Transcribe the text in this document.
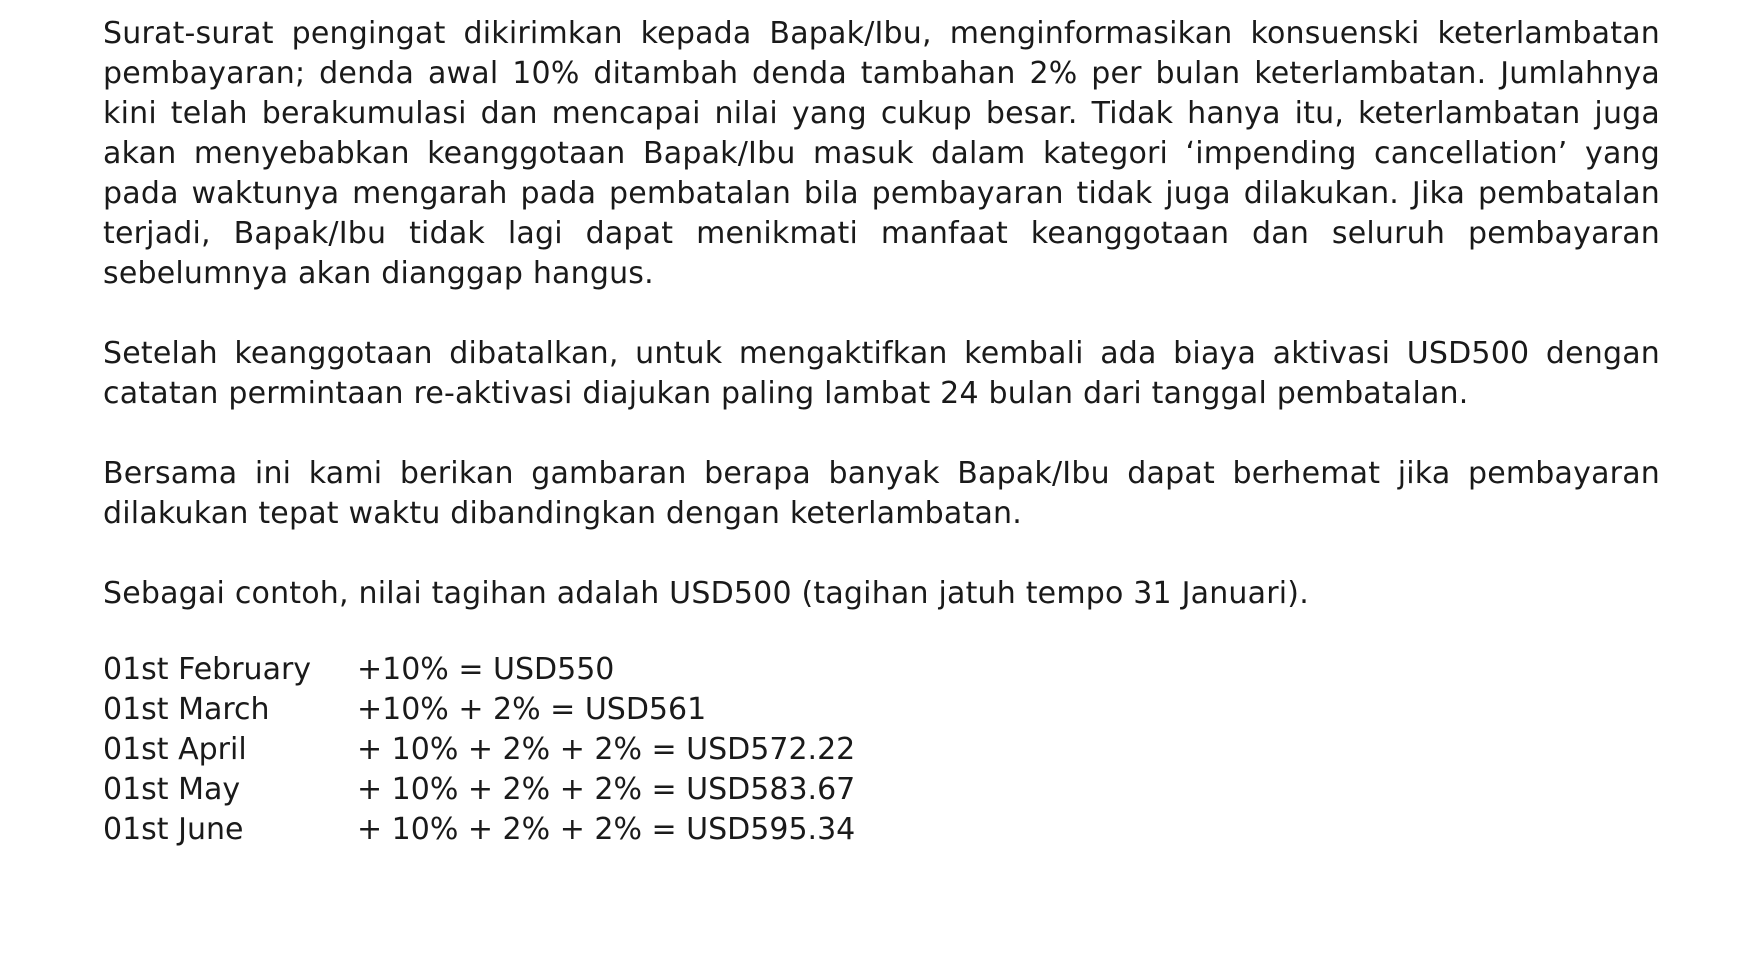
Surat-surat pengingat dikirimkan kepada Bapak/Ibu, menginformasikan konsuenski keterlambatan pembayaran; denda awal 10% ditambah denda tambahan 2% per bulan keterlambatan. Jumlahnya kini telah berakumulasi dan mencapai nilai yang cukup besar. Tidak hanya itu, keterlambatan juga akan menyebabkan keanggotaan Bapak/Ibu masuk dalam kategori ‘impending cancellation’ yang pada waktunya mengarah pada pembatalan bila pembayaran tidak juga dilakukan. Jika pembatalan terjadi, Bapak/Ibu tidak lagi dapat menikmati manfaat keanggotaan dan seluruh pembayaran sebelumnya akan dianggap hangus.

Setelah keanggotaan dibatalkan, untuk mengaktifkan kembali ada biaya aktivasi USD500 dengan catatan permintaan re-aktivasi diajukan paling lambat 24 bulan dari tanggal pembatalan.

Bersama ini kami berikan gambaran berapa banyak Bapak/Ibu dapat berhemat jika pembayaran dilakukan tepat waktu dibandingkan dengan keterlambatan.

Sebagai contoh, nilai tagihan adalah USD500 (tagihan jatuh tempo 31 Januari).

01st February	+10% = USD550
01st March	+10% + 2% = USD561
01st April	+ 10% + 2% + 2% = USD572.22
01st May	+ 10% + 2% + 2% = USD583.67
01st June	+ 10% + 2% + 2% = USD595.34
